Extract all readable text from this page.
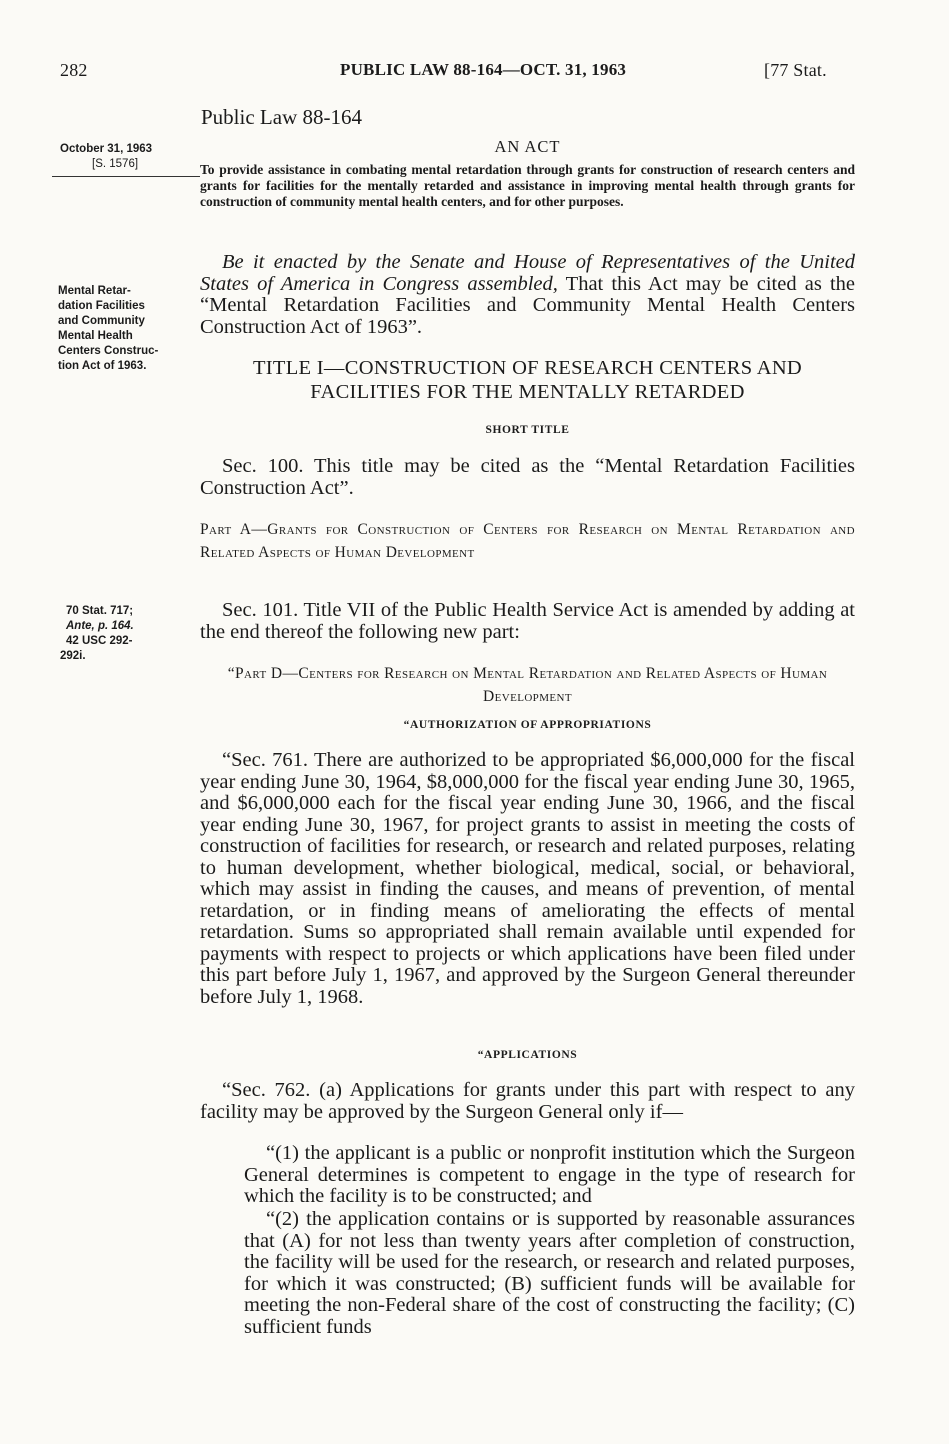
282	PUBLIC LAW 88-164—OCT. 31, 1963	[77 Stat.
Public Law 88-164
October 31, 1963
[S. 1576]
Mental Retar-
dation Facilities
and Community
Mental Health
Centers Construc-
tion Act of 1963.
70 Stat. 717;
Ante, p. 164.
42 USC 292-
292i.
AN ACT
To provide assistance in combating mental retardation through grants for construction of research centers and grants for facilities for the mentally retarded and assistance in improving mental health through grants for construction of community mental health centers, and for other purposes.
Be it enacted by the Senate and House of Representatives of the United States of America in Congress assembled, That this Act may be cited as the “Mental Retardation Facilities and Community Mental Health Centers Construction Act of 1963”.
TITLE I—CONSTRUCTION OF RESEARCH CENTERS AND FACILITIES FOR THE MENTALLY RETARDED
SHORT TITLE
Sec. 100. This title may be cited as the “Mental Retardation Facilities Construction Act”.
Part A—Grants for Construction of Centers for Research on Mental Retardation and Related Aspects of Human Development
Sec. 101. Title VII of the Public Health Service Act is amended by adding at the end thereof the following new part:
“Part D—Centers for Research on Mental Retardation and Related Aspects of Human Development
“AUTHORIZATION OF APPROPRIATIONS
“Sec. 761. There are authorized to be appropriated $6,000,000 for the fiscal year ending June 30, 1964, $8,000,000 for the fiscal year ending June 30, 1965, and $6,000,000 each for the fiscal year ending June 30, 1966, and the fiscal year ending June 30, 1967, for project grants to assist in meeting the costs of construction of facilities for research, or research and related purposes, relating to human development, whether biological, medical, social, or behavioral, which may assist in finding the causes, and means of prevention, of mental retardation, or in finding means of ameliorating the effects of mental retardation. Sums so appropriated shall remain available until expended for payments with respect to projects or which applications have been filed under this part before July 1, 1967, and approved by the Surgeon General thereunder before July 1, 1968.
“APPLICATIONS
“Sec. 762. (a) Applications for grants under this part with respect to any facility may be approved by the Surgeon General only if—
“(1) the applicant is a public or nonprofit institution which the Surgeon General determines is competent to engage in the type of research for which the facility is to be constructed; and
“(2) the application contains or is supported by reasonable assurances that (A) for not less than twenty years after completion of construction, the facility will be used for the research, or research and related purposes, for which it was constructed; (B) sufficient funds will be available for meeting the non-Federal share of the cost of constructing the facility; (C) sufficient funds
